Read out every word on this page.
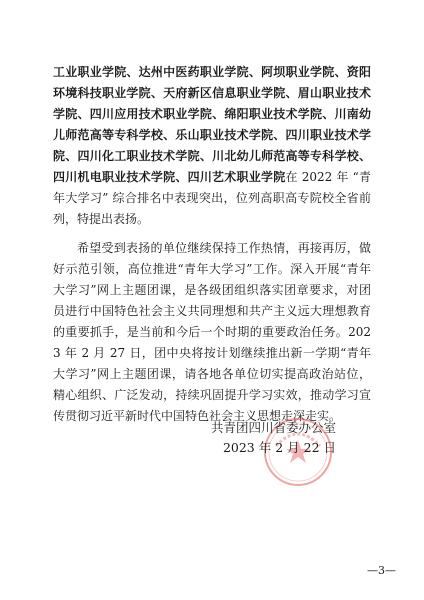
工业职业学院、达州中医药职业学院、阿坝职业学院、资阳环境科技职业学院、天府新区信息职业学院、眉山职业技术学院、四川应用技术职业学院、绵阳职业技术学院、川南幼儿师范高等专科学校、乐山职业技术学院、四川职业技术学院、四川化工职业技术学院、川北幼儿师范高等专科学校、四川机电职业技术学院、四川艺术职业学院在 2022 年 “青年大学习” 综合排名中表现突出，位列高职高专院校全省前列，特提出表扬。

希望受到表扬的单位继续保持工作热情，再接再厉，做好示范引领，高位推进“青年大学习”工作。深入开展“青年大学习”网上主题团课，是各级团组织落实团章要求，对团员进行中国特色社会主义共同理想和共产主义远大理想教育的重要抓手，是当前和今后一个时期的重要政治任务。2023 年 2 月 27 日，团中央将按计划继续推出新一学期“青年大学习”网上主题团课，请各地各单位切实提高政治站位，精心组织、广泛发动，持续巩固提升学习实效，推动学习宣传贯彻习近平新时代中国特色社会主义思想走深走实。

共青团四川省委办公室
2023 年 2 月 22 日
—3—
